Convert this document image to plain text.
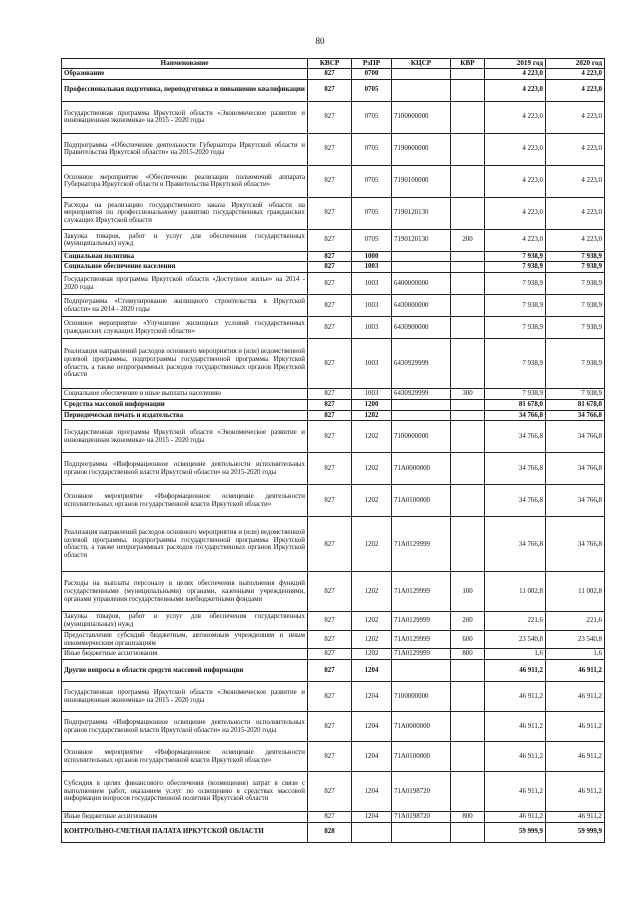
80
Наименование	КВСР	РзПР	КЦСР	КВР	2019 год	2020 год
Образование	827	0700			4 223,0	4 223,0
Профессиональная подготовка, переподготовка и повышение квалификации	827	0705			4 223,0	4 223,0
Государственная программа Иркутской области «Экономическое развитие и инновационная экономика» на 2015 - 2020 годы	827	0705	7100000000		4 223,0	4 223,0
Подпрограмма «Обеспечение деятельности Губернатора Иркутской области и Правительства Иркутской области» на 2015-2020 годы	827	0705	7190000000		4 223,0	4 223,0
Основное мероприятие «Обеспечение реализации полномочий аппарата Губернатора Иркутской области и Правительства Иркутской области»	827	0705	7190100000		4 223,0	4 223,0
Расходы на реализацию государственного заказа Иркутской области на мероприятия по профессиональному развитию государственных гражданских служащих Иркутской области	827	0705	7190120130		4 223,0	4 223,0
Закупка товаров, работ и услуг для обеспечения государственных (муниципальных) нужд	827	0705	7190120130	200	4 223,0	4 223,0
Социальная политика	827	1000			7 938,9	7 938,9
Социальное обеспечение населения	827	1003			7 938,9	7 938,9
Государственная программа Иркутской области «Доступное жилье» на 2014 - 2020 годы	827	1003	6400000000		7 938,9	7 938,9
Подпрограмма «Стимулирование жилищного строительства в Иркутской области» на 2014 - 2020 годы	827	1003	6430000000		7 938,9	7 938,9
Основное мероприятие «Улучшение жилищных условий государственных гражданских служащих Иркутской области»	827	1003	6430900000		7 938,9	7 938,9
Реализация направлений расходов основного мероприятия и (или) ведомственной целевой программы, подпрограммы государственной программы Иркутской области, а также непрограммных расходов государственных органов Иркутской области	827	1003	6430929999		7 938,9	7 938,9
Социальное обеспечение и иные выплаты населению	827	1003	6430929999	300	7 938,9	7 938,9
Средства массовой информации	827	1200			81 678,0	81 678,0
Периодическая печать и издательства	827	1202			34 766,8	34 766,8
Государственная программа Иркутской области «Экономическое развитие и инновационная экономика» на 2015 - 2020 годы	827	1202	7100000000		34 766,8	34 766,8
Подпрограмма «Информационное освещение деятельности исполнительных органов государственной власти Иркутской области» на 2015-2020 годы	827	1202	71А0000000		34 766,8	34 766,8
Основное мероприятие «Информационное освещение деятельности исполнительных органов государственной власти Иркутской области»	827	1202	71А0100000		34 766,8	34 766,8
Реализация направлений расходов основного мероприятия и (или) ведомственной целевой программы, подпрограммы государственной программы Иркутской области, а также непрограммных расходов государственных органов Иркутской области	827	1202	71А0129999		34 766,8	34 766,8
Расходы на выплаты персоналу в целях обеспечения выполнения функций государственными (муниципальными) органами, казенными учреждениями, органами управления государственными внебюджетными фондами	827	1202	71А0129999	100	11 002,8	11 002,8
Закупка товаров, работ и услуг для обеспечения государственных (муниципальных) нужд	827	1202	71А0129999	200	221,6	221,6
Предоставление субсидий бюджетным, автономным учреждениям и иным некоммерческим организациям	827	1202	71А0129999	600	23 540,8	23 540,8
Иные бюджетные ассигнования	827	1202	71А0129999	800	1,6	1,6
Другие вопросы в области средств массовой информации	827	1204			46 911,2	46 911,2
Государственная программа Иркутской области «Экономическое развитие и инновационная экономика» на 2015 - 2020 годы	827	1204	7100000000		46 911,2	46 911,2
Подпрограмма «Информационное освещение деятельности исполнительных органов государственной власти Иркутской области» на 2015-2020 годы	827	1204	71А0000000		46 911,2	46 911,2
Основное мероприятие «Информационное освещение деятельности исполнительных органов государственной власти Иркутской области»	827	1204	71А0100000		46 911,2	46 911,2
Субсидия в целях финансового обеспечения (возмещения) затрат в связи с выполнением работ, оказанием услуг по освещению в средствах массовой информации вопросов государственной политики Иркутской области	827	1204	71А0198720		46 911,2	46 911,2
Иные бюджетные ассигнования	827	1204	71А0198720	800	46 911,2	46 911,2
КОНТРОЛЬНО-СЧЕТНАЯ ПАЛАТА ИРКУТСКОЙ ОБЛАСТИ	828				59 999,9	59 999,9
